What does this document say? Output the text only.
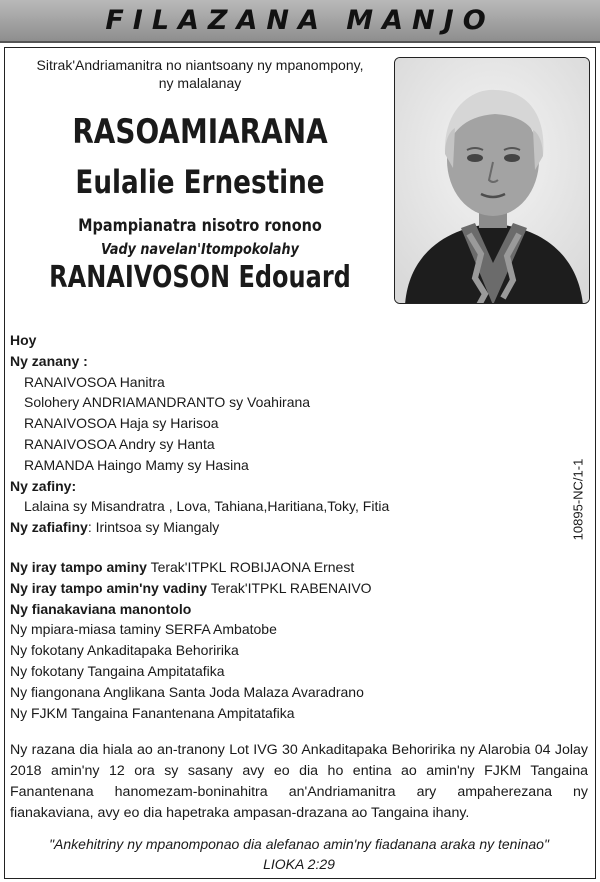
FILAZANA MANJO
Sitrak'Andriamanitra no niantsoany ny mpanompony,
ny malalanay
RASOAMIARANA
Eulalie Ernestine
Mpampianatra nisotro ronono
Vady navelan'Itompokolahy
RANAIVOSON Edouard
Hoy
Ny zanany :
RANAIVOSOA Hanitra
Solohery ANDRIAMANDRANTO sy Voahirana
RANAIVOSOA Haja sy Harisoa
RANAIVOSOA Andry sy Hanta
RAMANDA Haingo Mamy sy Hasina
Ny zafiny:
Lalaina sy Misandratra , Lova, Tahiana,Haritiana,Toky, Fitia
Ny zafiafiny: Irintsoa sy Miangaly
Ny iray tampo aminy Terak'ITPKL ROBIJAONA Ernest
Ny iray tampo amin'ny vadiny Terak'ITPKL RABENAIVO
Ny fianakaviana manontolo
Ny mpiara-miasa taminy SERFA Ambatobe
Ny fokotany Ankaditapaka Behoririka
Ny fokotany Tangaina Ampitatafika
Ny fiangonana Anglikana Santa Joda Malaza Avaradrano
Ny FJKM Tangaina Fanantenana Ampitatafika
10895-NC/1-1
Ny razana dia hiala ao an-tranony Lot IVG 30 Ankaditapaka Behoririka ny Alarobia 04 Jolay 2018 amin'ny 12 ora sy sasany avy eo dia ho entina ao amin'ny FJKM Tangaina Fanantenana hanomezam-boninahitra an'Andriamanitra ary ampaherezana ny fianakaviana, avy eo dia hapetraka ampasan-drazana ao Tangaina ihany.
"Ankehitriny ny mpanomponao dia alefanao amin'ny fiadanana araka ny teninao"
LIOKA 2:29
